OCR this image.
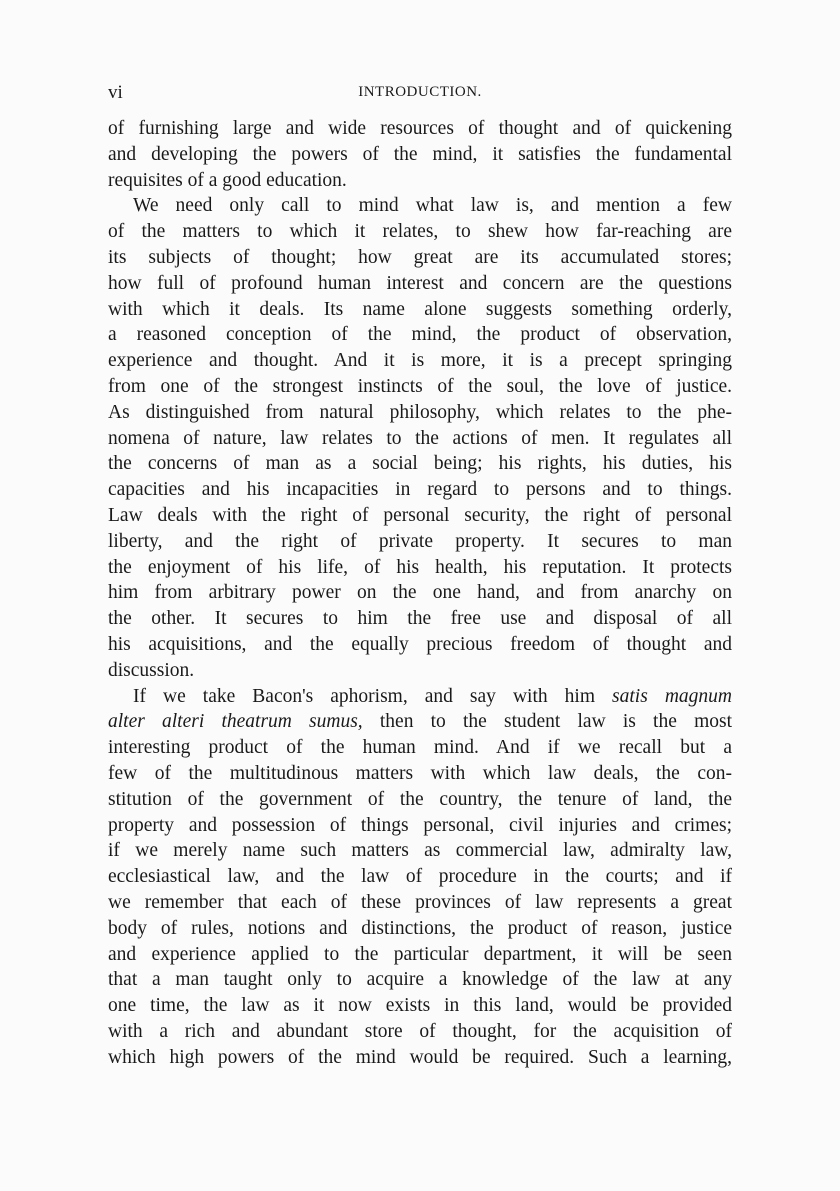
vi	INTRODUCTION.
of furnishing large and wide resources of thought and of quickening
and developing the powers of the mind, it satisfies the fundamental
requisites of a good education.
We need only call to mind what law is, and mention a few
of the matters to which it relates, to shew how far-reaching are
its subjects of thought; how great are its accumulated stores;
how full of profound human interest and concern are the questions
with which it deals. Its name alone suggests something orderly,
a reasoned conception of the mind, the product of observation,
experience and thought. And it is more, it is a precept springing
from one of the strongest instincts of the soul, the love of justice.
As distinguished from natural philosophy, which relates to the phe-
nomena of nature, law relates to the actions of men. It regulates all
the concerns of man as a social being; his rights, his duties, his
capacities and his incapacities in regard to persons and to things.
Law deals with the right of personal security, the right of personal
liberty, and the right of private property. It secures to man
the enjoyment of his life, of his health, his reputation. It protects
him from arbitrary power on the one hand, and from anarchy on
the other. It secures to him the free use and disposal of all
his acquisitions, and the equally precious freedom of thought and
discussion.
If we take Bacon's aphorism, and say with him satis magnum
alter alteri theatrum sumus, then to the student law is the most
interesting product of the human mind. And if we recall but a
few of the multitudinous matters with which law deals, the con-
stitution of the government of the country, the tenure of land, the
property and possession of things personal, civil injuries and crimes;
if we merely name such matters as commercial law, admiralty law,
ecclesiastical law, and the law of procedure in the courts; and if
we remember that each of these provinces of law represents a great
body of rules, notions and distinctions, the product of reason, justice
and experience applied to the particular department, it will be seen
that a man taught only to acquire a knowledge of the law at any
one time, the law as it now exists in this land, would be provided
with a rich and abundant store of thought, for the acquisition of
which high powers of the mind would be required. Such a learning,
